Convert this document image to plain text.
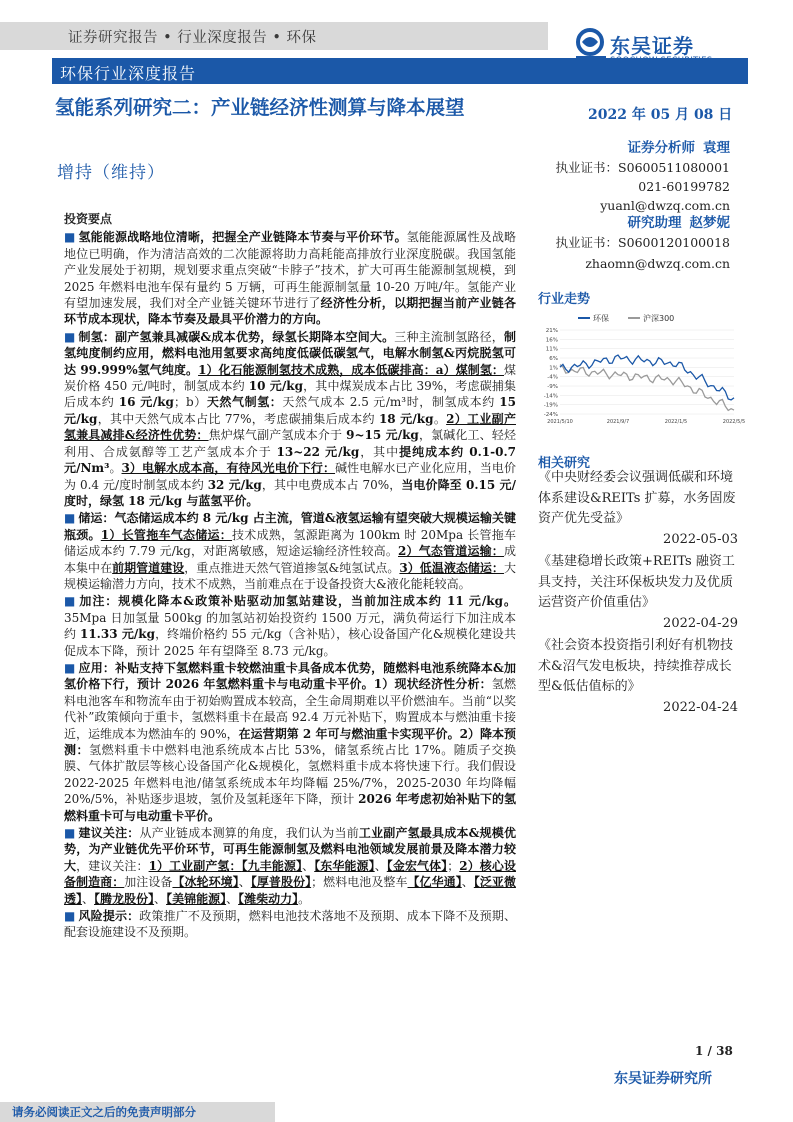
证券研究报告 • 行业深度报告 • 环保	东吴证券
环保行业深度报告
氢能系列研究二：产业链经济性测算与降本展望
增持（维持）
2022 年 05 月 08 日
证券分析师 袁理
执业证书：S0600511080001
021-60199782
yuanl@dwzq.com.cn
研究助理 赵梦妮
执业证书：S0600120100018
zhaomn@dwzq.com.cn
行业走势
环保	沪深300
21%
16%
11%
6%
1%
-4%
-9%
-14%
-19%
-24%
2021/5/10	2021/9/7	2022/1/5	2022/5/5
相关研究
《中央财经委会议强调低碳和环境体系建设&REITs 扩募，水务固废资产优先受益》
2022-05-03
《基建稳增长政策+REITs 融资工具支持，关注环保板块发力及优质运营资产价值重估》
2022-04-29
《社会资本投资指引利好有机物技术&沼气发电板块，持续推荐成长型&低估值标的》
2022-04-24
投资要点

■ 氢能能源战略地位清晰，把握全产业链降本节奏与平价环节。氢能能源属性及战略地位已明确，作为清洁高效的二次能源将助力高耗能高排放行业深度脱碳。我国氢能产业发展处于初期，规划要求重点突破“卡脖子”技术，扩大可再生能源制氢规模，到 2025 年燃料电池车保有量约 5 万辆，可再生能源制氢量 10-20 万吨/年。氢能产业有望加速发展，我们对全产业链关键环节进行了经济性分析，以期把握当前产业链各环节成本现状，降本节奏及最具平价潜力的方向。

■ 制氢：副产氢兼具减碳&成本优势，绿氢长期降本空间大。三种主流制氢路径，制氢纯度制约应用，燃料电池用氢要求高纯度低碳低碳氢气，电解水制氢&丙烷脱氢可达 99.999%氢气纯度。1）化石能源制氢技术成熟，成本低碳排高：a）煤制氢：煤炭价格 450 元/吨时，制氢成本约 10 元/kg，其中煤炭成本占比 39%，考虑碳捕集后成本约 16 元/kg；b）天然气制氢：天然气成本 2.5 元/m³时，制氢成本约 15 元/kg，其中天然气成本占比 77%，考虑碳捕集后成本约 18 元/kg。2）工业副产氢兼具减排&经济性优势：焦炉煤气副产氢成本介于 9~15 元/kg，氯碱化工、轻烃利用、合成氨醇等工艺产氢成本介于 13~22 元/kg，其中提纯成本约 0.1-0.7 元/Nm³。3）电解水成本高，有待风光电价下行：碱性电解水已产业化应用，当电价为 0.4 元/度时制氢成本约 32 元/kg，其中电费成本占 70%，当电价降至 0.15 元/度时，绿氢 18 元/kg 与蓝氢平价。

■ 储运：气态储运成本约 8 元/kg 占主流，管道&液氢运输有望突破大规模运输关键瓶颈。1）长管拖车气态储运：技术成熟，氢源距离为 100km 时 20Mpa 长管拖车储运成本约 7.79 元/kg，对距离敏感，短途运输经济性较高。2）气态管道运输：成本集中在前期管道建设，重点推进天然气管道掺氢&纯氢试点。3）低温液态储运：大规模运输潜力方向，技术不成熟，当前难点在于设备投资大&液化能耗较高。

■ 加注：规模化降本&政策补贴驱动加氢站建设，当前加注成本约 11 元/kg。35Mpa 日加氢量 500kg 的加氢站初始投资约 1500 万元，满负荷运行下加注成本约 11.33 元/kg，终端价格约 55 元/kg（含补贴），核心设备国产化&规模化建设共促成本下降，预计 2025 年有望降至 8.73 元/kg。

■ 应用：补贴支持下氢燃料重卡较燃油重卡具备成本优势，随燃料电池系统降本&加氢价格下行，预计 2026 年氢燃料重卡与电动重卡平价。1）现状经济性分析：氢燃料电池客车和物流车由于初始购置成本较高，全生命周期难以平价燃油车。当前“以奖代补”政策倾向于重卡，氢燃料重卡在最高 92.4 万元补贴下，购置成本与燃油重卡接近，运维成本为燃油车的 90%，在运营期第 2 年可与燃油重卡实现平价。2）降本预测：氢燃料重卡中燃料电池系统成本占比 53%，储氢系统占比 17%。随质子交换膜、气体扩散层等核心设备国产化&规模化，氢燃料重卡成本将快速下行。我们假设 2022-2025 年燃料电池/储氢系统成本年均降幅 25%/7%，2025-2030 年均降幅 20%/5%，补贴逐步退坡，氢价及氢耗逐年下降，预计 2026 年考虑初始补贴下的氢燃料重卡可与电动重卡平价。

■ 建议关注：从产业链成本测算的角度，我们认为当前工业副产氢最具成本&规模优势，为产业链优先平价环节，可再生能源制氢及燃料电池领域发展前景及降本潜力较大，建议关注：1）工业副产氢：【九丰能源】、【东华能源】、【金宏气体】；2）核心设备制造商：加注设备【冰轮环境】、【厚普股份】；燃料电池及整车【亿华通】、【泛亚微透】、【腾龙股份】、【美锦能源】、【潍柴动力】。

■ 风险提示：政策推广不及预期，燃料电池技术落地不及预期、成本下降不及预期、配套设施建设不及预期。

1 / 38
请务必阅读正文之后的免责声明部分
东吴证券研究所
